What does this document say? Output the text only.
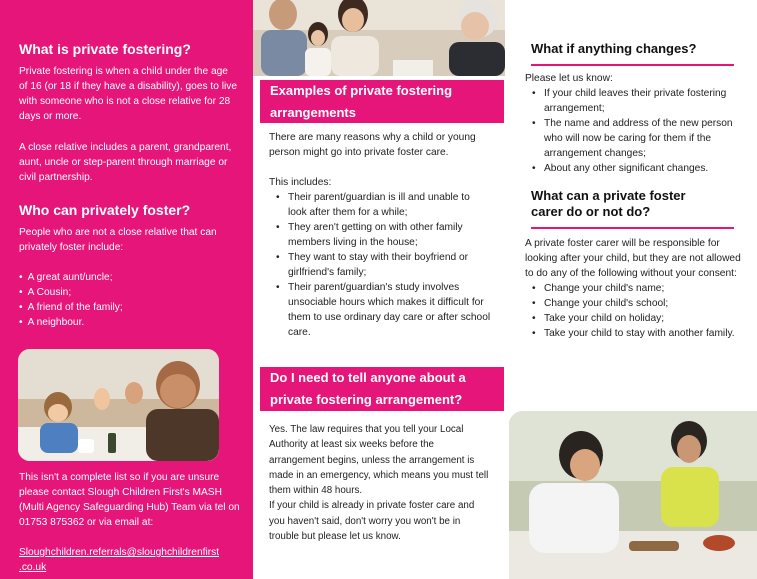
What is private fostering?

Private fostering is when a child under the age of 16 (or 18 if they have a disability), goes to live with someone who is not a close relative for 28 days or more.

A close relative includes a parent, grandparent, aunt, uncle or step-parent through marriage or civil partnership.

Who can privately foster?

People who are not a close relative that can privately foster include:

• A great aunt/uncle;
• A Cousin;
• A friend of the family;
• A neighbour.

This isn't a complete list so if you are unsure please contact Slough Children First's MASH (Multi Agency Safeguarding Hub) Team via tel on 01753 875362 or via email at:

Sloughchildren.referrals@sloughchildrenfirst
.co.uk

Examples of private fostering arrangements

There are many reasons why a child or young person might go into private foster care.

This includes:

• Their parent/guardian is ill and unable to look after them for a while;
• They aren't getting on with other family members living in the house;
• They want to stay with their boyfriend or girlfriend's family;
• Their parent/guardian's study involves unsociable hours which makes it difficult for them to use ordinary day care or after school care.
Do I need to tell anyone about a private fostering arrangement?

Yes. The law requires that you tell your Local Authority at least six weeks before the arrangement begins, unless the arrangement is made in an emergency, which means you must tell them within 48 hours.

If your child is already in private foster care and you haven't said, don't worry you won't be in trouble but please let us know.

What if anything changes?

Please let us know:

• If your child leaves their private fostering arrangement;
• The name and address of the new person who will now be caring for them if the arrangement changes;
• About any other significant changes.
What can a private foster carer do or not do?

A private foster carer will be responsible for looking after your child, but they are not allowed to do any of the following without your consent:

• Change your child's name;
• Change your child's school;
• Take your child on holiday;
• Take your child to stay with another family.
